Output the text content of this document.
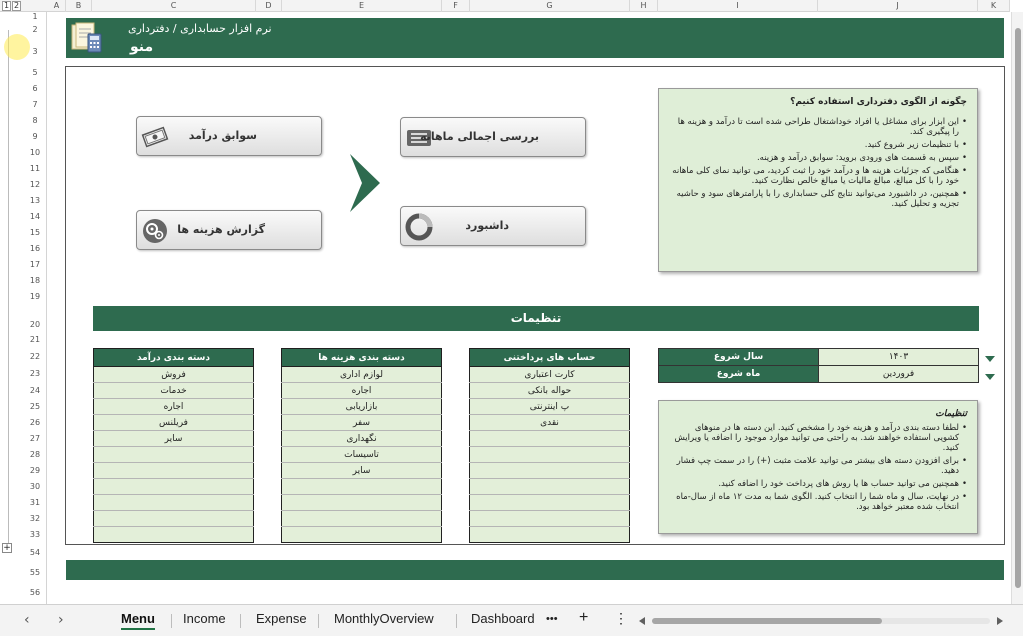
1 2	A	B	C	D	E	F	G	H	I	J	K
+
1
2
3
5
6
7
8
9
10
11
12
13
14
15
16
17
18
19
20
21
22
23
24
25
26
27
28
29
30
31
32
33
54
55
56
نرم افزار حسابداری / دفترداری
منو
سوابق درآمد	بررسی اجمالی ماهانه
گزارش هزینه ها	داشبورد
چگونه از الگوی دفترداری استفاده کنیم؟
• این ابزار برای مشاغل یا افراد خوداشتغال طراحی شده است تا درآمد و هزینه ها را پیگیری کند.
• با تنظیمات زیر شروع کنید.
• سپس به قسمت های ورودی بروید: سوابق درآمد و هزینه.
• هنگامی که جزئیات هزینه ها و درآمد خود را ثبت کردید، می توانید نمای کلی ماهانه خود را با کل مبالغ، مبالغ مالیات یا مبالغ خالص نظارت کنید.
• همچنین، در داشبورد می‌توانید نتایج کلی حسابداری را با پارامترهای سود و حاشیه تجزیه و تحلیل کنید.
تنظیمات
دسته بندی درآمد
فروش
خدمات
اجاره
فریلنس
سایر

دسته بندی هزینه ها
لوازم اداری
اجاره
بازاریابی
سفر
نگهداری
تاسیسات
سایر

حساب های پرداختنی
کارت اعتباری
حواله بانکی
پ اینترنتی
نقدی

سال شروع	۱۴۰۳
ماه شروع	فروردین
تنظیمات
• لطفا دسته بندی درآمد و هزینه خود را مشخص کنید. این دسته ها در منوهای کشویی استفاده خواهند شد. به راحتی می توانید موارد موجود را اضافه یا ویرایش کنید.
• برای افزودن دسته های بیشتر می توانید علامت مثبت (+) را در سمت چپ فشار دهید.
• همچنین می توانید حساب ها یا روش های پرداخت خود را اضافه کنید.
• در نهایت، سال و ماه شما را انتخاب کنید. الگوی شما به مدت ۱۲ ماه از سال-ماه انتخاب شده معتبر خواهد بود.
‹ ›	Menu Income Expense MonthlyOverview	Dashboard ••• + ⋮
